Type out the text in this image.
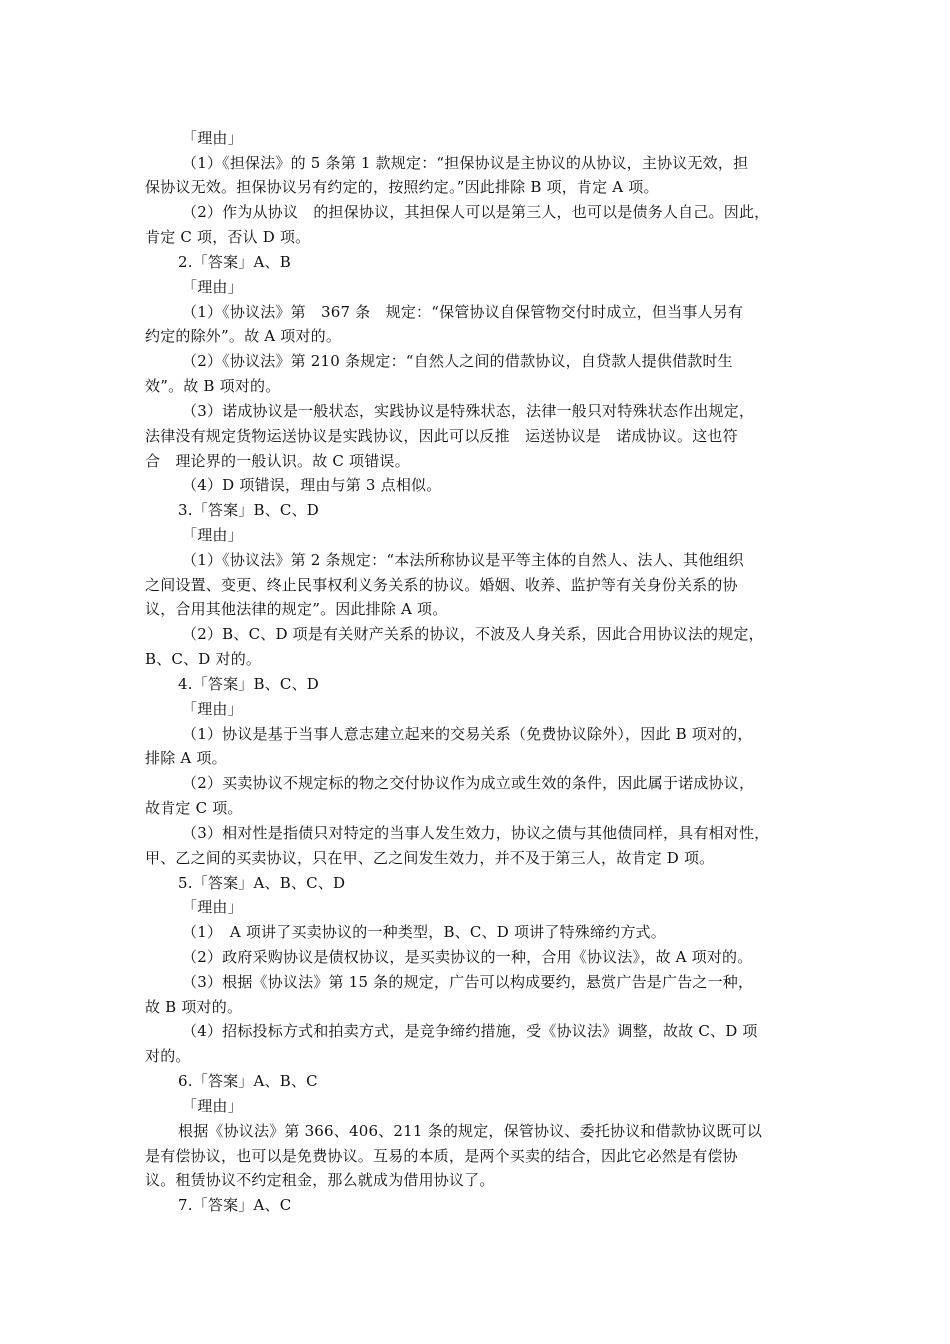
「理由」
（1）《担保法》的 5 条第 1 款规定：“担保协议是主协议的从协议，主协议无效，担
保协议无效。担保协议另有约定的，按照约定。”因此排除 B 项，肯定 A 项。
（2）作为从协议　的担保协议，其担保人可以是第三人，也可以是债务人自己。因此，
肯定 C 项，否认 D 项。
2.「答案」A、B
「理由」
（1）《协议法》第　367 条　规定：“保管协议自保管物交付时成立，但当事人另有
约定的除外”。故 A 项对的。
（2）《协议法》第 210 条规定：“自然人之间的借款协议，自贷款人提供借款时生
效”。故 B 项对的。
（3）诺成协议是一般状态，实践协议是特殊状态，法律一般只对特殊状态作出规定，
法律没有规定货物运送协议是实践协议，因此可以反推　运送协议是　诺成协议。这也符
合　理论界的一般认识。故 C 项错误。
（4）D 项错误，理由与第 3 点相似。
3.「答案」B、C、D
「理由」
（1）《协议法》第 2 条规定：“本法所称协议是平等主体的自然人、法人、其他组织
之间设置、变更、终止民事权利义务关系的协议。婚姻、收养、监护等有关身份关系的协
议，合用其他法律的规定”。因此排除 A 项。
（2）B、C、D 项是有关财产关系的协议，不波及人身关系，因此合用协议法的规定，
B、C、D 对的。
4.「答案」B、C、D
「理由」
（1）协议是基于当事人意志建立起来的交易关系（免费协议除外），因此 B 项对的，
排除 A 项。
（2）买卖协议不规定标的物之交付协议作为成立或生效的条件，因此属于诺成协议，
故肯定 C 项。
（3）相对性是指债只对特定的当事人发生效力，协议之债与其他债同样，具有相对性，
甲、乙之间的买卖协议，只在甲、乙之间发生效力，并不及于第三人，故肯定 D 项。
5.「答案」A、B、C、D
「理由」
（1）　A 项讲了买卖协议的一种类型，B、C、D 项讲了特殊缔约方式。
（2）政府采购协议是债权协议，是买卖协议的一种，合用《协议法》，故 A 项对的。
（3）根据《协议法》第 15 条的规定，广告可以构成要约，悬赏广告是广告之一种，
故 B 项对的。
（4）招标投标方式和拍卖方式，是竞争缔约措施，受《协议法》调整，故故 C、D 项
对的。
6.「答案」A、B、C
「理由」
根据《协议法》第 366、406、211 条的规定，保管协议、委托协议和借款协议既可以
是有偿协议，也可以是免费协议。互易的本质，是两个买卖的结合，因此它必然是有偿协
议。租赁协议不约定租金，那么就成为借用协议了。
7.「答案」A、C
